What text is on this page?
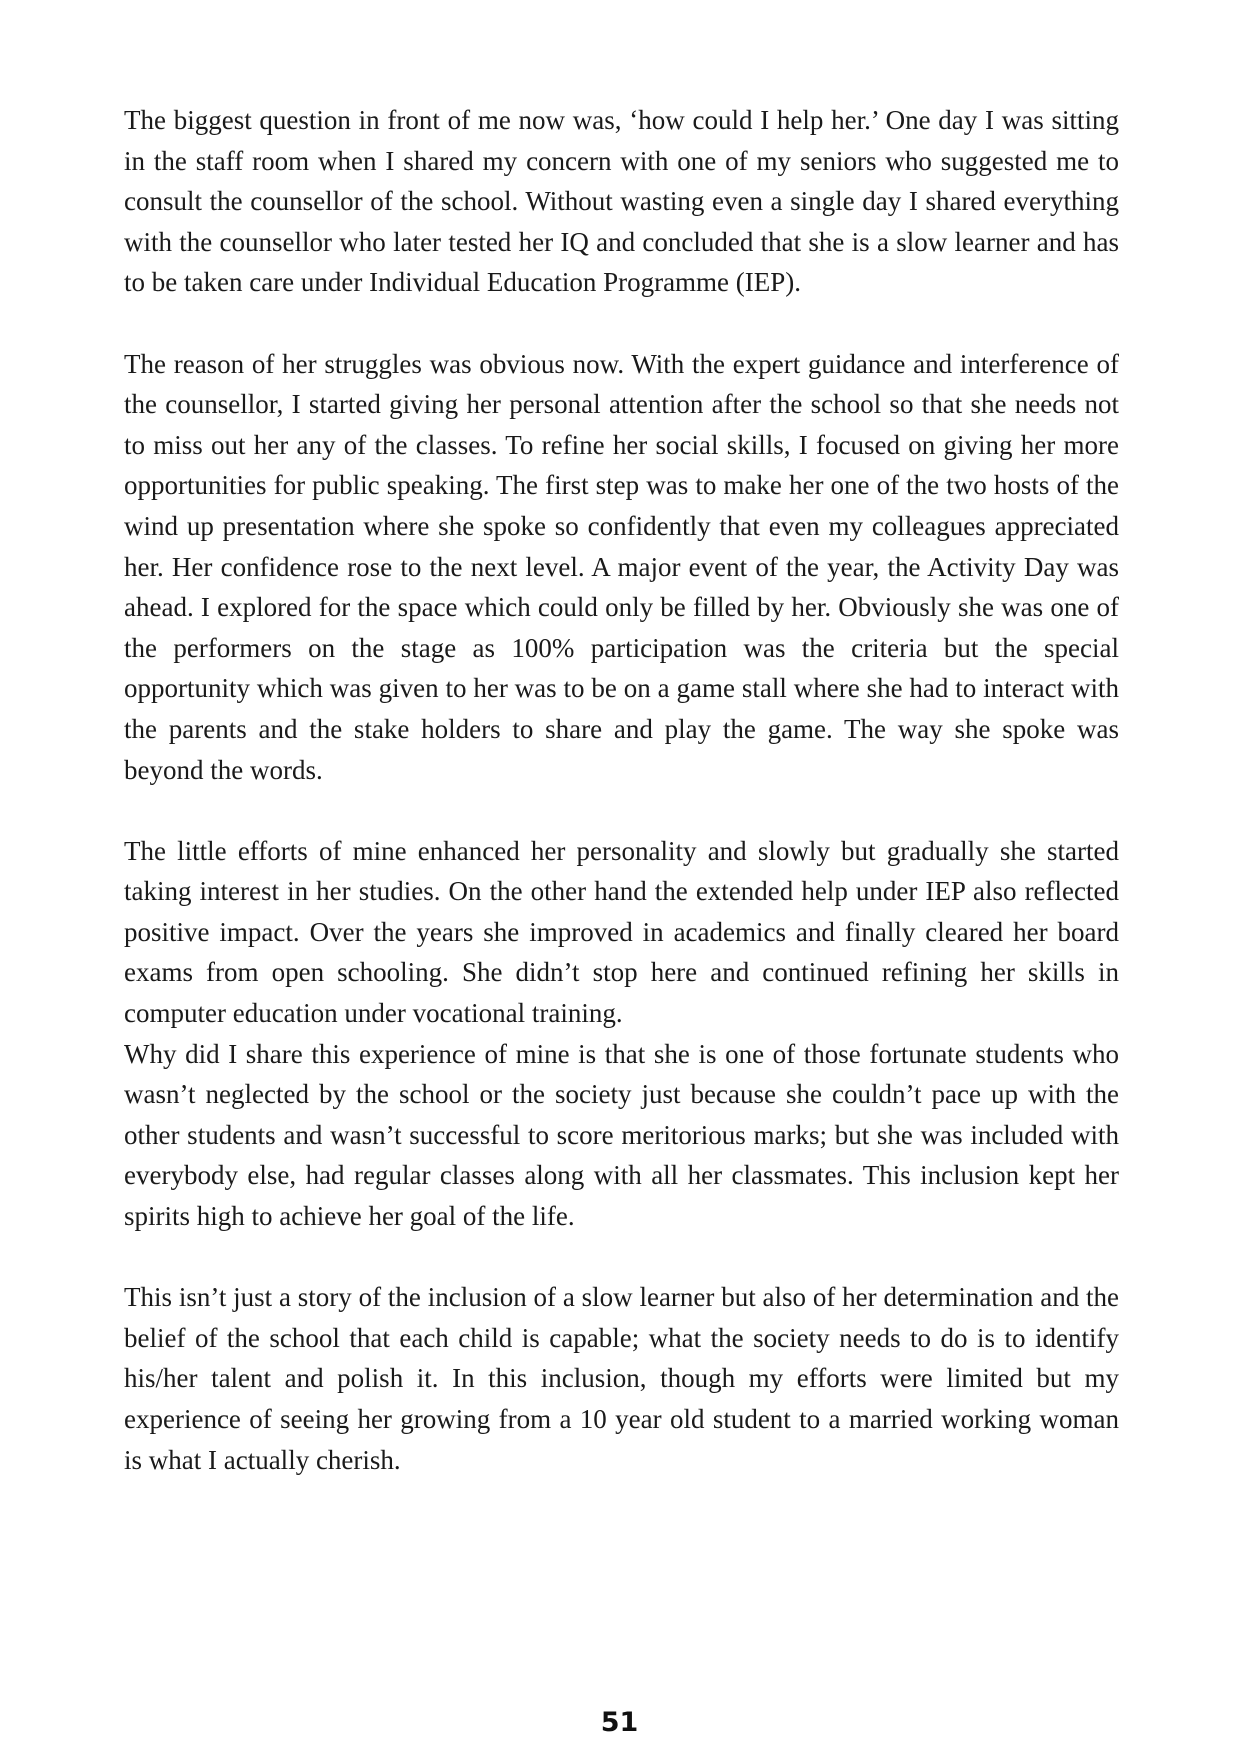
The biggest question in front of me now was, ‘how could I help her.’ One day I was sitting in the staff room when I shared my concern with one of my seniors who suggested me to consult the counsellor of the school. Without wasting even a single day I shared everything with the counsellor who later tested her IQ and concluded that she is a slow learner and has to be taken care under Individual Education Programme (IEP).

The reason of her struggles was obvious now. With the expert guidance and interference of the counsellor, I started giving her personal attention after the school so that she needs not to miss out her any of the classes. To refine her social skills, I focused on giving her more opportunities for public speaking. The first step was to make her one of the two hosts of the wind up presentation where she spoke so confidently that even my colleagues appreciated her. Her confidence rose to the next level. A major event of the year, the Activity Day was ahead. I explored for the space which could only be filled by her. Obviously she was one of the performers on the stage as 100% participation was the criteria but the special opportunity which was given to her was to be on a game stall where she had to interact with the parents and the stake holders to share and play the game. The way she spoke was beyond the words.

The little efforts of mine enhanced her personality and slowly but gradually she started taking interest in her studies. On the other hand the extended help under IEP also reflected positive impact. Over the years she improved in academics and finally cleared her board exams from open schooling. She didn’t stop here and continued refining her skills in computer education under vocational training.

Why did I share this experience of mine is that she is one of those fortunate students who wasn’t neglected by the school or the society just because she couldn’t pace up with the other students and wasn’t successful to score meritorious marks; but she was included with everybody else, had regular classes along with all her classmates. This inclusion kept her spirits high to achieve her goal of the life.

This isn’t just a story of the inclusion of a slow learner but also of her determination and the belief of the school that each child is capable; what the society needs to do is to identify his/her talent and polish it. In this inclusion, though my efforts were limited but my experience of seeing her growing from a 10 year old student to a married working woman is what I actually cherish.

51
